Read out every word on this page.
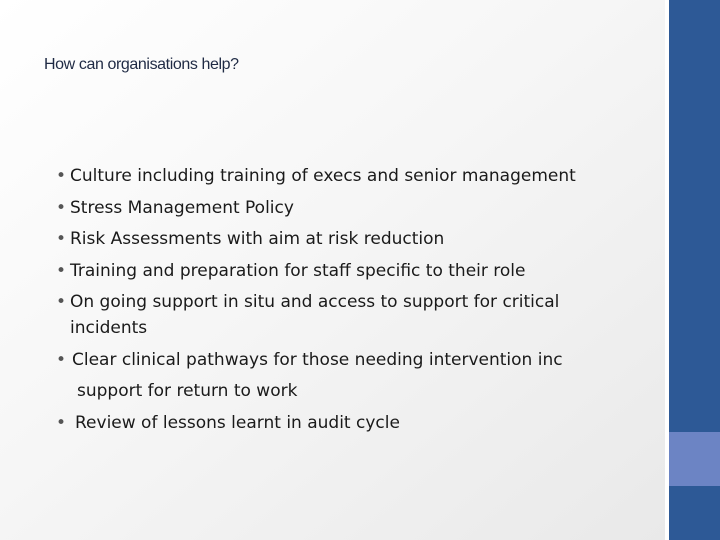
How can organisations help?
• Culture including training of execs and senior management
• Stress Management Policy
• Risk Assessments with aim at risk reduction
• Training and preparation for staff specific to their role
• On going support in situ and access to support for critical
incidents
• Clear clinical pathways for those needing intervention inc
support for return to work
• Review of lessons learnt in audit cycle
